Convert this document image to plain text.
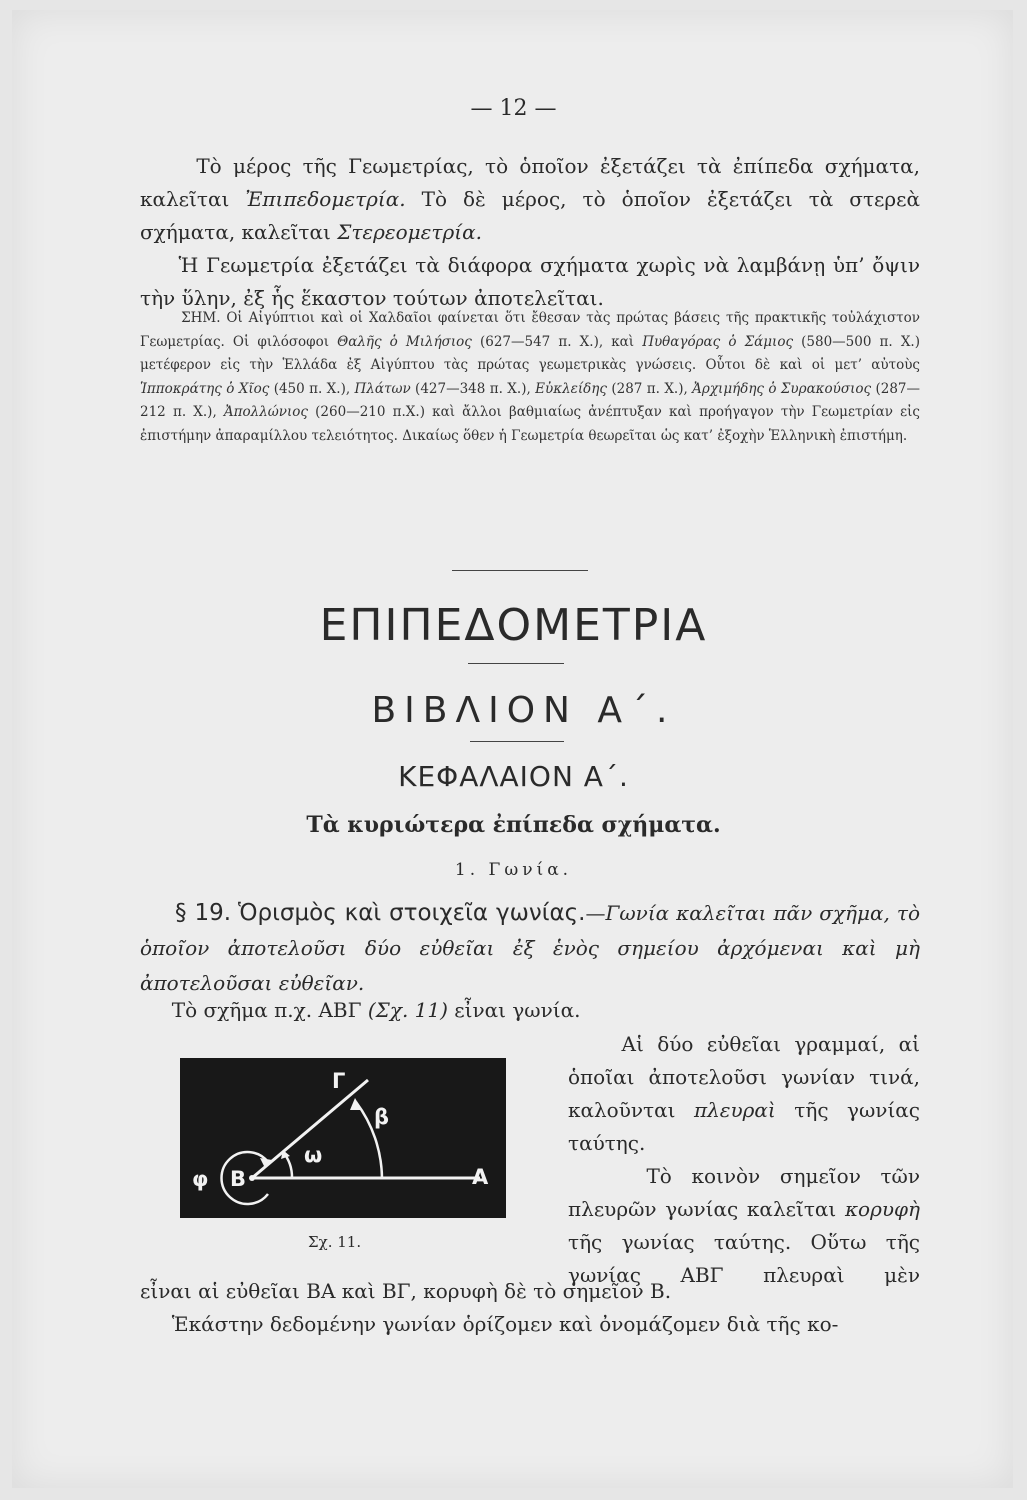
— 12 —
Τὸ μέρος τῆς Γεωμετρίας, τὸ ὁποῖον ἐξετάζει τὰ ἐπίπεδα σχήματα, καλεῖται Ἐπιπεδομετρία. Τὸ δὲ μέρος, τὸ ὁποῖον ἐξετάζει τὰ στερεὰ σχήματα, καλεῖται Στερεομετρία.
Ἡ Γεωμετρία ἐξετάζει τὰ διάφορα σχήματα χωρὶς νὰ λαμβάνῃ ὑπ’ ὄψιν τὴν ὕλην, ἐξ ἧς ἕκαστον τούτων ἀποτελεῖται.
ΣΗΜ. Οἱ Αἰγύπτιοι καὶ οἱ Χαλδαῖοι φαίνεται ὅτι ἔθεσαν τὰς πρώτας βάσεις τῆς πρακτικῆς τοὐλάχιστον Γεωμετρίας. Οἱ φιλόσοφοι Θαλῆς ὁ Μιλήσιος (627—547 π. Χ.), καὶ Πυθαγόρας ὁ Σάμιος (580—500 π. Χ.) μετέφερον εἰς τὴν Ἑλλάδα ἐξ Αἰγύπτου τὰς πρώτας γεωμετρικὰς γνώσεις. Οὗτοι δὲ καὶ οἱ μετ’ αὐτοὺς Ἱπποκράτης ὁ Χῖος (450 π. Χ.), Πλάτων (427—348 π. Χ.), Εὐκλείδης (287 π. Χ.), Ἀρχιμήδης ὁ Συρακούσιος (287—212 π. Χ.), Ἀπολλώνιος (260—210 π.Χ.) καὶ ἄλλοι βαθμιαίως ἀνέπτυξαν καὶ προήγαγον τὴν Γεωμετρίαν εἰς ἐπιστήμην ἀπαραμίλλου τελειότητος. Δικαίως ὅθεν ἡ Γεωμετρία θεωρεῖται ὡς κατ’ ἐξοχὴν Ἑλληνικὴ ἐπιστήμη.
ΕΠΙΠΕΔΟΜΕΤΡΙΑ
ΒΙΒΛΙΟΝ Α΄.
ΚΕΦΑΛΑΙΟΝ Α΄.
Τὰ κυριώτερα ἐπίπεδα σχήματα.
1. Γωνία.
§ 19. Ὁρισμὸς καὶ στοιχεῖα γωνίας.—Γωνία καλεῖται πᾶν σχῆμα, τὸ ὁποῖον ἀποτελοῦσι δύο εὐθεῖαι ἐξ ἑνὸς σημείου ἀρχόμεναι καὶ μὴ ἀποτελοῦσαι εὐθεῖαν.
Τὸ σχῆμα π.χ. ΑΒΓ (Σχ. 11) εἶναι γωνία.
Γ
β
ω
φ Β	Α
Σχ. 11.
Αἱ δύο εὐθεῖαι γραμμαί, αἱ ὁποῖαι ἀποτελοῦσι γωνίαν τινά, καλοῦνται πλευραὶ τῆς γωνίας ταύτης.
Τὸ κοινὸν σημεῖον τῶν πλευρῶν γωνίας καλεῖται κορυφὴ τῆς γωνίας ταύτης. Οὕτω τῆς γωνίας ΑΒΓ πλευραὶ μὲν
εἶναι αἱ εὐθεῖαι ΒΑ καὶ ΒΓ, κορυφὴ δὲ τὸ σημεῖον Β.
Ἑκάστην δεδομένην γωνίαν ὁρίζομεν καὶ ὀνομάζομεν διὰ τῆς κο-
